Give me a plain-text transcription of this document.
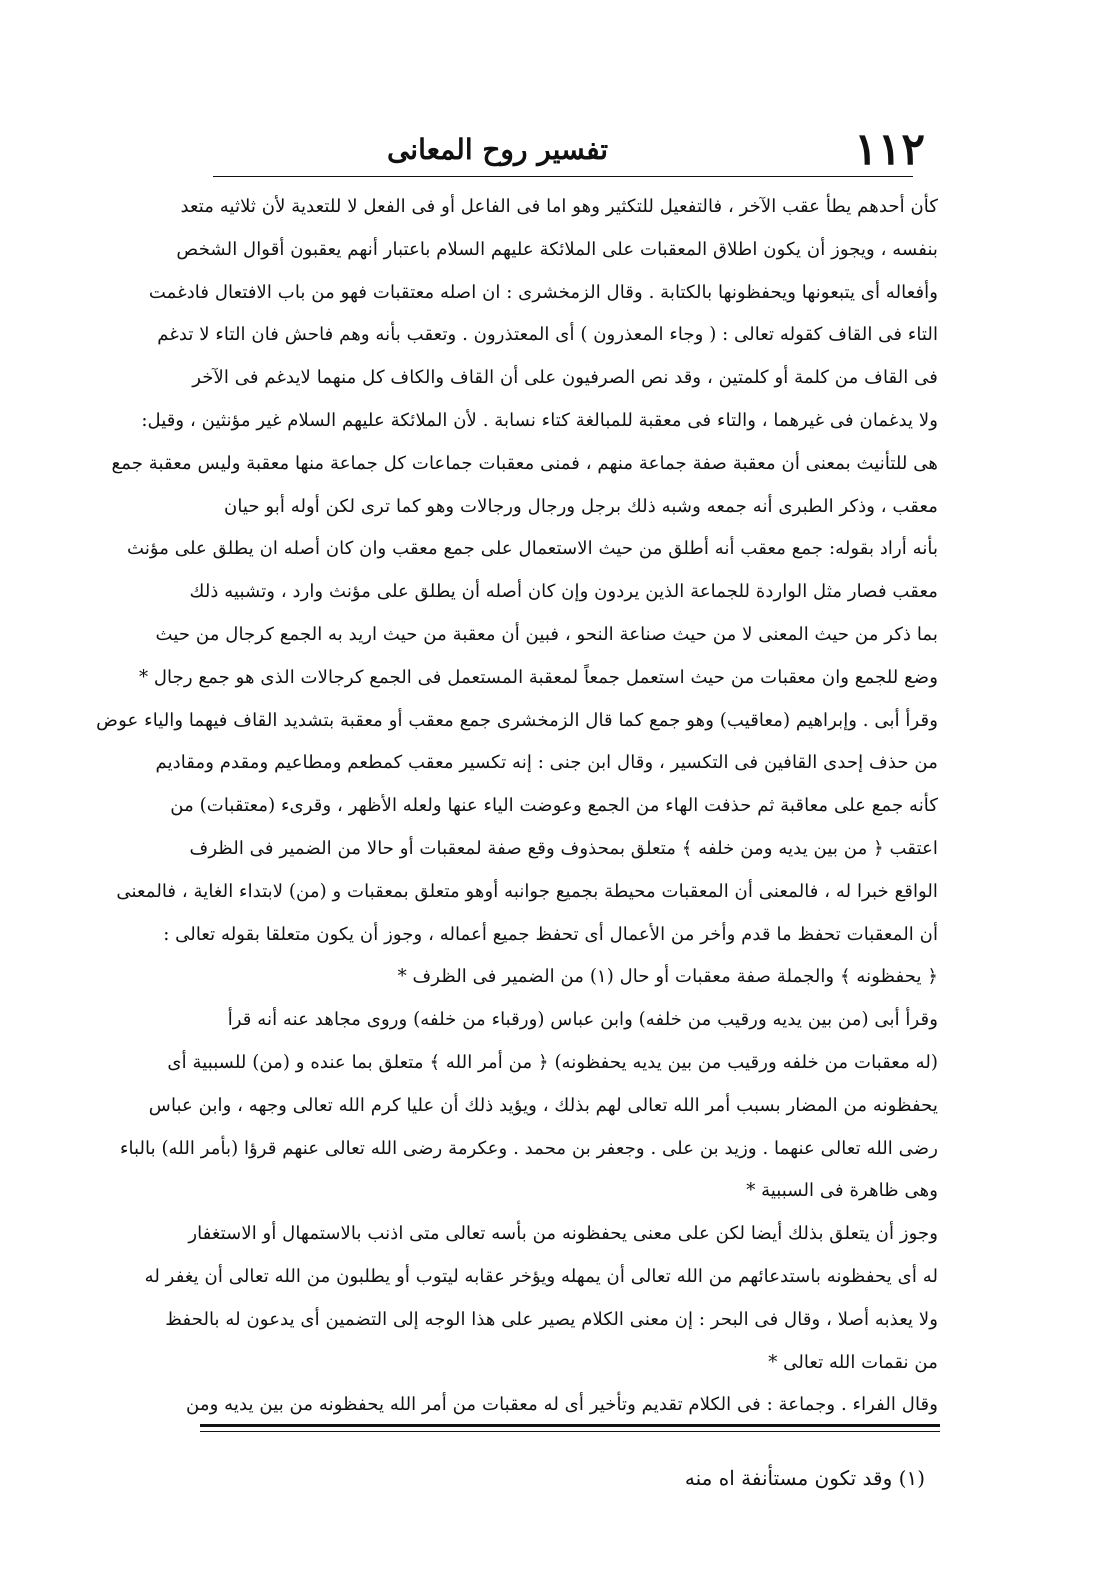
١١٢
تفسير روح المعانى
كأن أحدهم يطأ عقب الآخر ، فالتفعيل للتكثير وهو اما فى الفاعل أو فى الفعل لا للتعدية لأن ثلاثيه متعد
بنفسه ، ويجوز أن يكون اطلاق المعقبات على الملائكة عليهم السلام باعتبار أنهم يعقبون أقوال الشخص
وأفعاله أى يتبعونها ويحفظونها بالكتابة . وقال الزمخشرى : ان اصله معتقبات فهو من باب الافتعال فادغمت
التاء فى القاف كقوله تعالى : ( وجاء المعذرون ) أى المعتذرون . وتعقب بأنه وهم فاحش فان التاء لا تدغم
فى القاف من كلمة أو كلمتين ، وقد نص الصرفيون على أن القاف والكاف كل منهما لايدغم فى الآخر
ولا يدغمان فى غيرهما ، والتاء فى معقبة للمبالغة كتاء نسابة . لأن الملائكة عليهم السلام غير مؤنثين ، وقيل:
هى للتأنيث بمعنى أن معقبة صفة جماعة منهم ، فمنى معقبات جماعات كل جماعة منها معقبة وليس معقبة جمع
معقب ، وذكر الطبرى أنه جمعه وشبه ذلك برجل ورجال ورجالات وهو كما ترى لكن أوله أبو حيان
بأنه أراد بقوله: جمع معقب أنه أطلق من حيث الاستعمال على جمع معقب وان كان أصله ان يطلق على مؤنث
معقب فصار مثل الواردة للجماعة الذين يردون وإن كان أصله أن يطلق على مؤنث وارد ، وتشبيه ذلك
بما ذكر من حيث المعنى لا من حيث صناعة النحو ، فبين أن معقبة من حيث اريد به الجمع كرجال من حيث
وضع للجمع وان معقبات من حيث استعمل جمعاً لمعقبة المستعمل فى الجمع كرجالات الذى هو جمع رجال *
وقرأ أبى . وإبراهيم (معاقيب) وهو جمع كما قال الزمخشرى جمع معقب أو معقبة بتشديد القاف فيهما والياء عوض
من حذف إحدى القافين فى التكسير ، وقال ابن جنى : إنه تكسير معقب كمطعم ومطاعيم ومقدم ومقاديم
كأنه جمع على معاقبة ثم حذفت الهاء من الجمع وعوضت الياء عنها ولعله الأظهر ، وقرىء (معتقبات) من
اعتقب ﴿ من بين يديه ومن خلفه ﴾ متعلق بمحذوف وقع صفة لمعقبات أو حالا من الضمير فى الظرف
الواقع خبرا له ، فالمعنى أن المعقبات محيطة بجميع جوانبه أوهو متعلق بمعقبات و (من) لابتداء الغاية ، فالمعنى
أن المعقبات تحفظ ما قدم وأخر من الأعمال أى تحفظ جميع أعماله ، وجوز أن يكون متعلقا بقوله تعالى :
﴿ يحفظونه ﴾ والجملة صفة معقبات أو حال (١) من الضمير فى الظرف *
وقرأ أبى (من بين يديه ورقيب من خلفه) وابن عباس (ورقباء من خلفه) وروى مجاهد عنه أنه قرأ
(له معقبات من خلفه ورقيب من بين يديه يحفظونه) ﴿ من أمر الله ﴾ متعلق بما عنده و (من) للسببية أى
يحفظونه من المضار بسبب أمر الله تعالى لهم بذلك ، ويؤيد ذلك أن عليا كرم الله تعالى وجهه ، وابن عباس
رضى الله تعالى عنهما . وزيد بن على . وجعفر بن محمد . وعكرمة رضى الله تعالى عنهم قرؤا (بأمر الله) بالباء
وهى ظاهرة فى السببية *
وجوز أن يتعلق بذلك أيضا لكن على معنى يحفظونه من بأسه تعالى متى اذنب بالاستمهال أو الاستغفار
له أى يحفظونه باستدعائهم من الله تعالى أن يمهله ويؤخر عقابه ليتوب أو يطلبون من الله تعالى أن يغفر له
ولا يعذبه أصلا ، وقال فى البحر : إن معنى الكلام يصير على هذا الوجه إلى التضمين أى يدعون له بالحفظ
من نقمات الله تعالى *
وقال الفراء . وجماعة : فى الكلام تقديم وتأخير أى له معقبات من أمر الله يحفظونه من بين يديه ومن
(١) وقد تكون مستأنفة اه منه
